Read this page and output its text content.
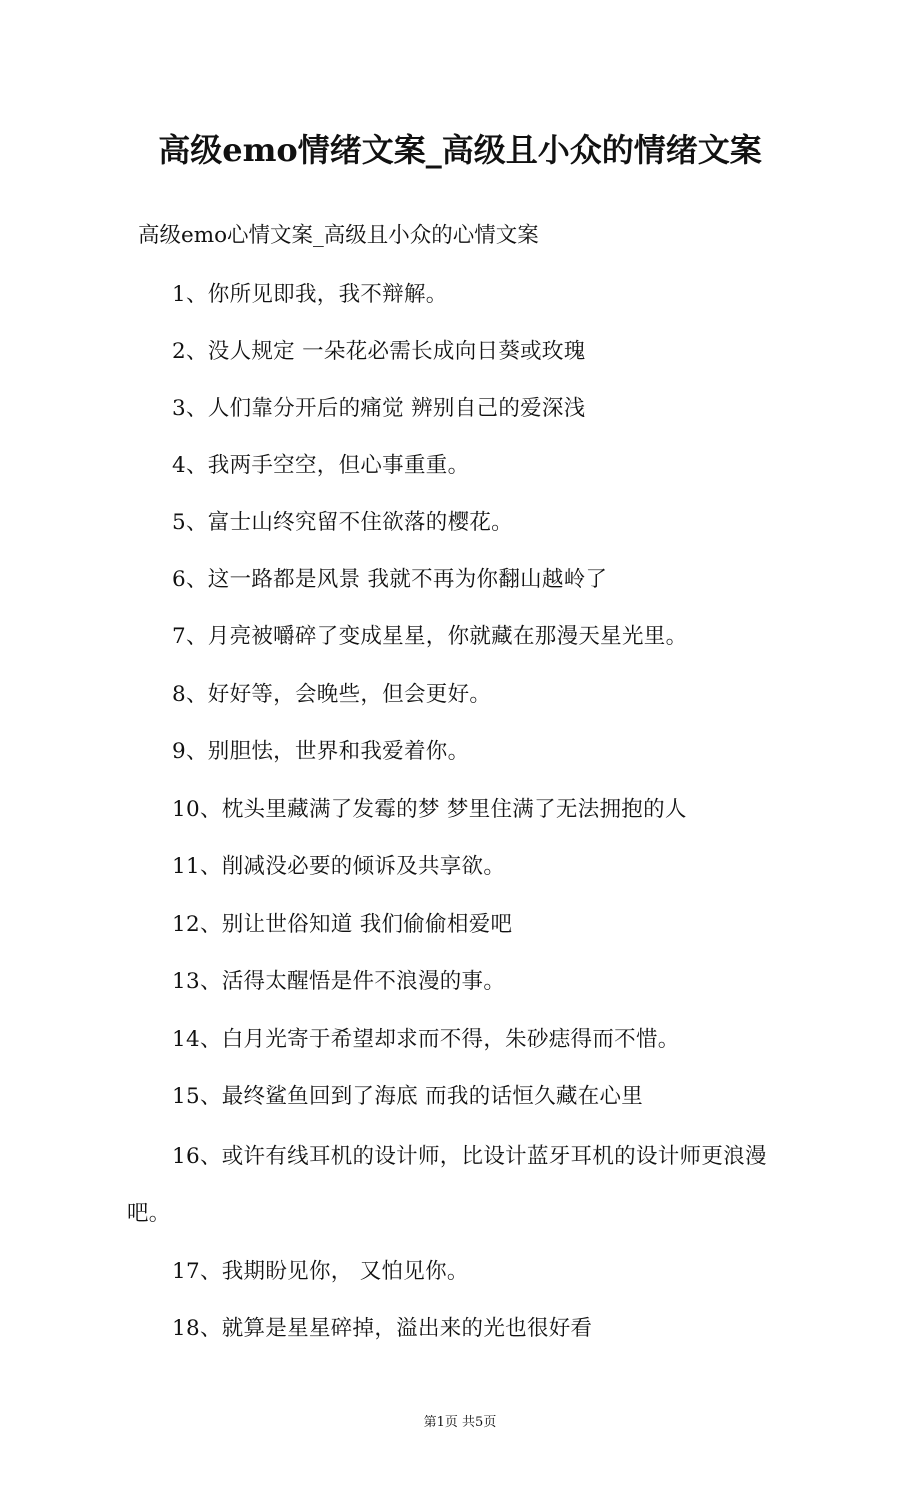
高级emo情绪文案_高级且小众的情绪文案
高级emo心情文案_高级且小众的心情文案
1、你所见即我，我不辩解。
2、没人规定 一朵花必需长成向日葵或玫瑰
3、人们靠分开后的痛觉 辨别自己的爱深浅
4、我两手空空，但心事重重。
5、富士山终究留不住欲落的樱花。
6、这一路都是风景 我就不再为你翻山越岭了
7、月亮被嚼碎了变成星星，你就藏在那漫天星光里。
8、好好等，会晚些，但会更好。
9、别胆怯，世界和我爱着你。
10、枕头里藏满了发霉的梦 梦里住满了无法拥抱的人
11、削减没必要的倾诉及共享欲。
12、别让世俗知道 我们偷偷相爱吧
13、活得太醒悟是件不浪漫的事。
14、白月光寄于希望却求而不得，朱砂痣得而不惜。
15、最终鲨鱼回到了海底 而我的话恒久藏在心里
16、或许有线耳机的设计师，比设计蓝牙耳机的设计师更浪漫吧。
17、我期盼见你， 又怕见你。
18、就算是星星碎掉，溢出来的光也很好看
第1页 共5页
